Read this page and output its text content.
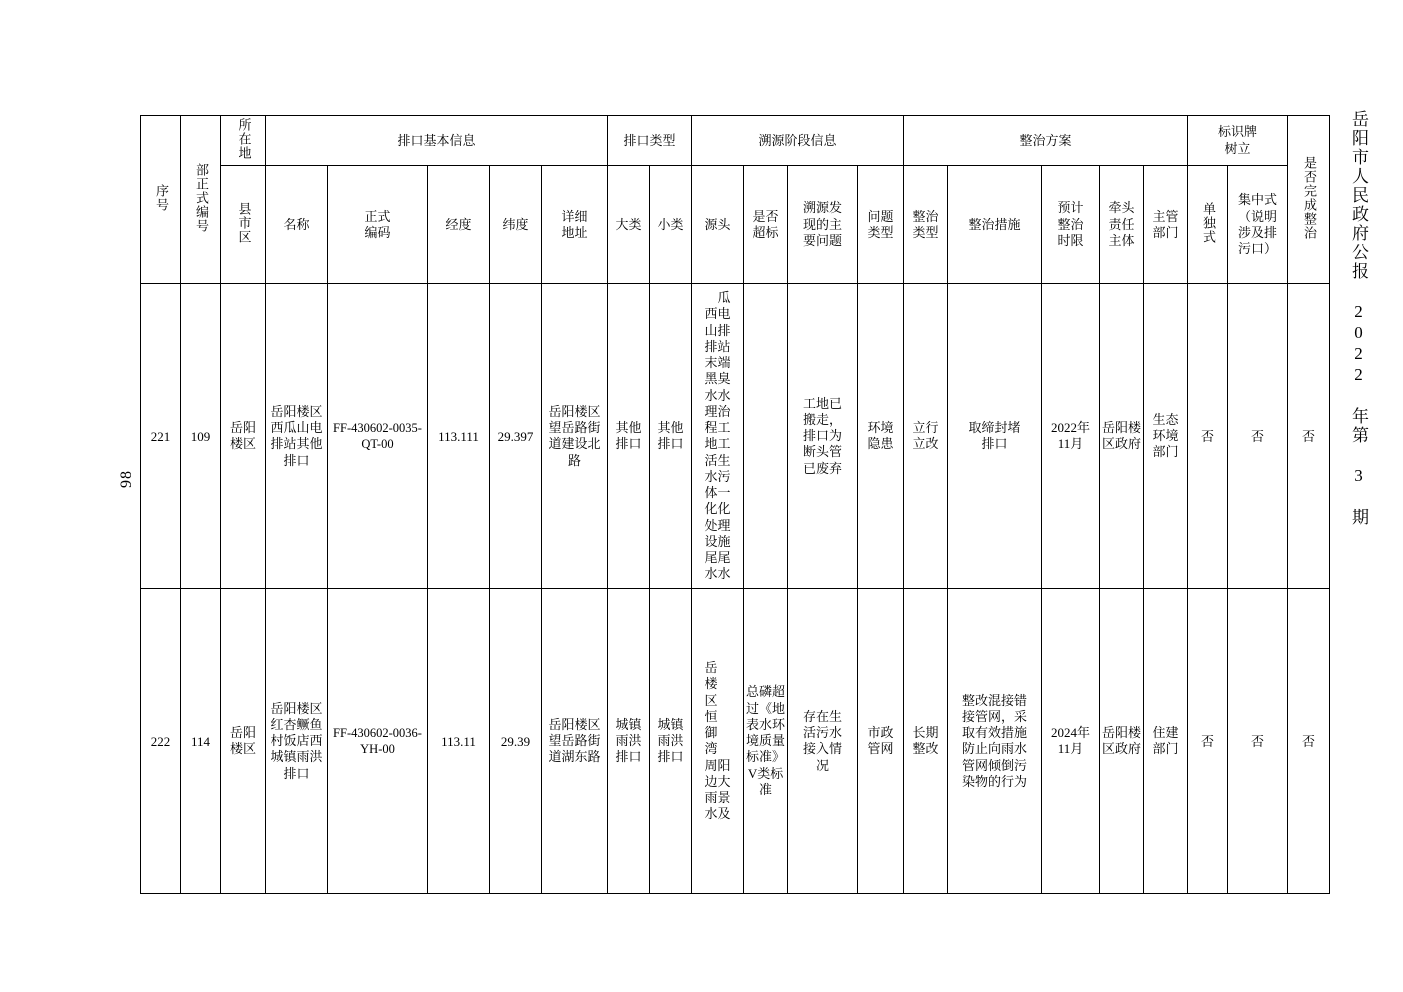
岳阳市人民政府公报 2022 年第 3 期
98
序号	部正式编号	所在地	排口基本信息					排口类型		溯源阶段信息				整治方案					标识牌树立		是否完成整治
		县市区	名称	正式编码	经度	纬度	详细地址	大类	小类	源头	是否超标	溯源发现的主要问题	问题类型	整治类型	整治措施	预计整治时限	牵头责任主体	主管部门	单独式	集中式（说明涉及排污口）	

221	109	岳阳楼区	岳阳楼区西瓜山电排站其他排口	FF-430602-0035-QT-00	113.111	29.397	岳阳楼区望岳路街道建设北路	其他排口	其他排口	西山排末黑水理程地活水体化处设尾水瓜电排站端臭水治工工生污一化理施尾水		工地已搬走，排口为断头管已废弃	环境隐患	立行立改	取缔封堵排口	2022年11月	岳阳楼区政府	生态环境部门	否	否	否
222	114	岳阳楼区	岳阳楼区红杏鳜鱼村饭店西城镇雨洪排口	FF-430602-0036-YH-00	113.11	29.39	岳阳楼区望岳路街道湖东路	城镇雨洪排口	城镇雨洪排口	岳楼区恒御湾周边雨水阳大景及	总磷超过《地表水环境质量标准》V类标准	存在生活污水接入情况	市政管网	长期整改	整改混接错接管网，采取有效措施防止向雨水管网倾倒污染物的行为	2024年11月	岳阳楼区政府	住建部门	否	否	否
